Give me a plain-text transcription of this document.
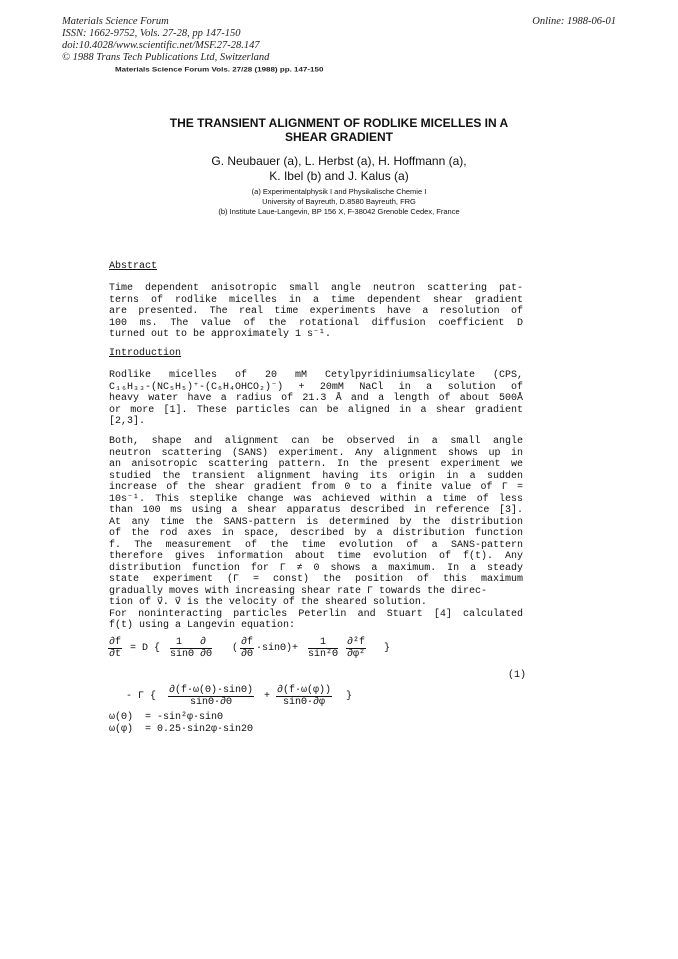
Materials Science Forum
ISSN: 1662-9752, Vols. 27-28, pp 147-150
doi:10.4028/www.scientific.net/MSF.27-28.147
© 1988 Trans Tech Publications Ltd, Switzerland
Online: 1988-06-01
Materials Science Forum Vols. 27/28 (1988) pp. 147-150
THE TRANSIENT ALIGNMENT OF RODLIKE MICELLES IN A
SHEAR GRADIENT
G. Neubauer (a), L. Herbst (a), H. Hoffmann (a),
K. Ibel (b) and J. Kalus (a)
(a) Experimentalphysik I and Physikalische Chemie I
University of Bayreuth, D.8580 Bayreuth, FRG
(b) Institute Laue-Langevin, BP 156 X, F-38042 Grenoble Cedex, France
Abstract
Time dependent anisotropic small angle neutron scattering pat-
terns of rodlike micelles in a time dependent shear gradient
are presented. The real time experiments have a resolution of
100 ms. The value of the rotational diffusion coefficient D
turned out to be approximately 1 s⁻¹.
Introduction
Rodlike micelles of 20 mM Cetylpyridiniumsalicylate (CPS,
C₁₆H₃₃-(NC₅H₅)⁺-(C₆H₄OHCO₂)⁻) + 20mM NaCl in a solution of
heavy water have a radius of 21.3 Å and a length of about 500Å
or more [1]. These particles can be aligned in a shear gradient
[2,3].
Both, shape and alignment can be observed in a small angle
neutron scattering (SANS) experiment. Any alignment shows up in
an anisotropic scattering pattern. In the present experiment we
studied the transient alignment having its origin in a sudden
increase of the shear gradient from 0 to a finite value of Γ =
10s⁻¹. This steplike change was achieved within a time of less
than 100 ms using a shear apparatus described in reference [3].
At any time the SANS-pattern is determined by the distribution
of the rod axes in space, described by a distribution function
f. The measurement of the time evolution of a SANS-pattern
therefore gives information about time evolution of f(t). Any
distribution function for Γ ≠ 0 shows a maximum. In a steady
state experiment (Γ = const) the position of this maximum
gradually moves with increasing shear rate Γ towards the direc-
tion of v⃗. v⃗ is the velocity of the sheared solution.
For noninteracting particles Peterlin and Stuart [4] calculated
f(t) using a Langevin equation:
$\frac{\partial f}{\partial t} = D$ { $\frac{1 \partial}{\sin\Theta \partial\Theta}$ ( $\frac{\partial f}{\partial\Theta} \cdot\sin\Theta)+ \frac{1}{\text{sin²Θ}} \frac{\text{∂²f}}{\text{∂φ²}}$ }
(1)
- Γ { $\frac{\partial(f\cdot\omega(\Theta)\cdot\sin\Theta)}{\sin\Theta\cdot\partial\Theta} + \frac{\partial(f\cdot\omega(\varphi))}{\sin\Theta\cdot\partial\varphi}$ }
ω(Θ)  = -sin²φ·sinΘ
ω(φ)  = 0.25·sin2φ·sin2Θ
